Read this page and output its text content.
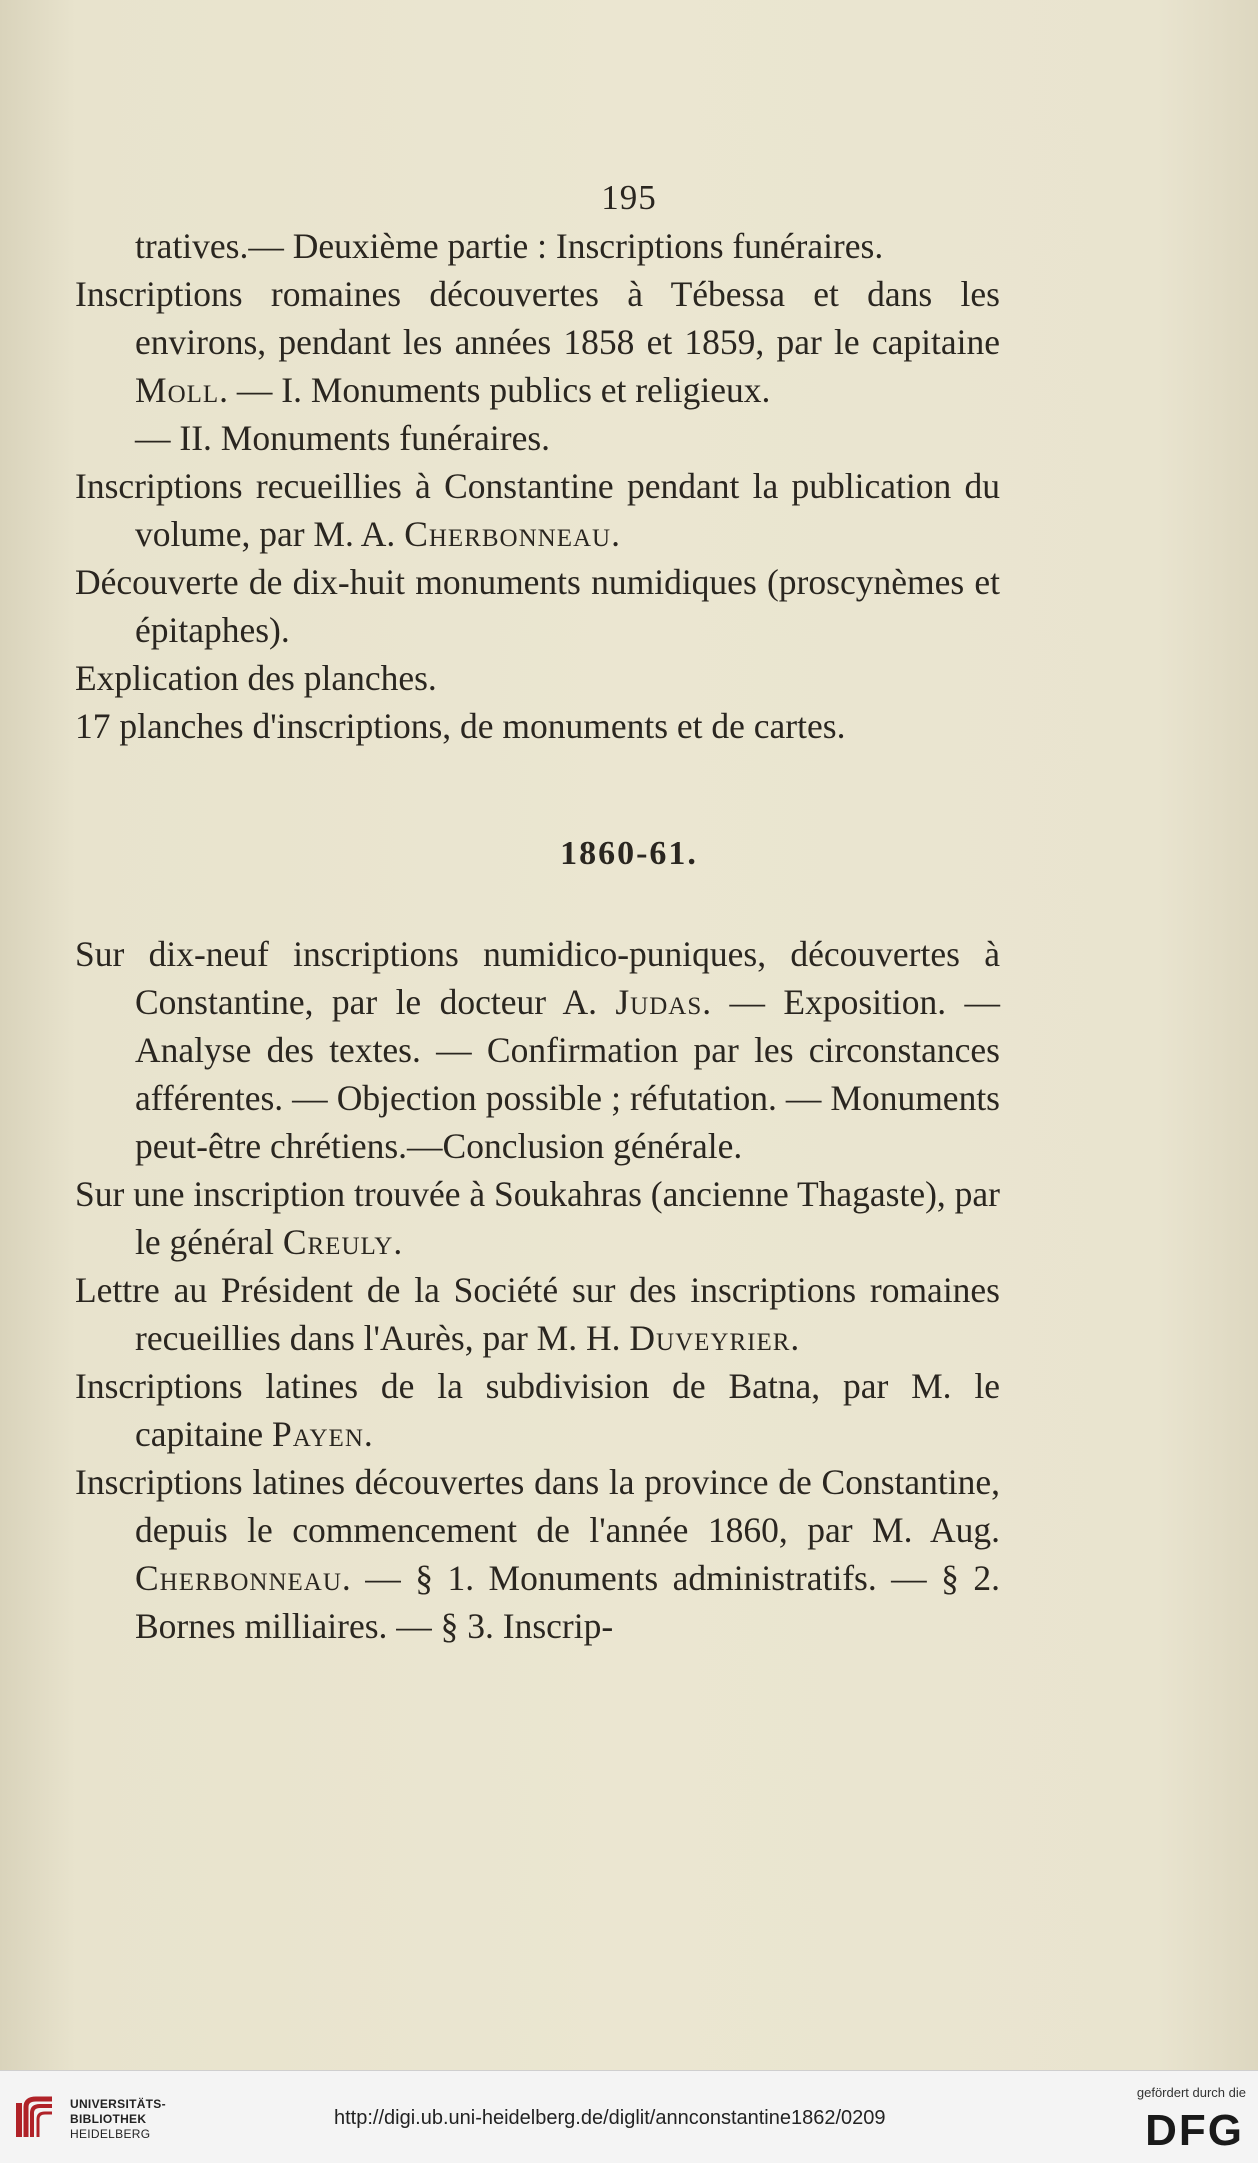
195

tratives.— Deuxième partie : Inscriptions funéraires.

Inscriptions romaines découvertes à Tébessa et dans les environs, pendant les années 1858 et 1859, par le capitaine Moll. — I. Monuments publics et religieux.

— II. Monuments funéraires.

Inscriptions recueillies à Constantine pendant la publication du volume, par M. A. Cherbonneau.

Découverte de dix-huit monuments numidiques (proscynèmes et épitaphes).

Explication des planches.

17 planches d'inscriptions, de monuments et de cartes.

1860-61.

Sur dix-neuf inscriptions numidico-puniques, découvertes à Constantine, par le docteur A. Judas. — Exposition. — Analyse des textes. — Confirmation par les circonstances afférentes. — Objection possible ; réfutation. — Monuments peut-être chrétiens.—Conclusion générale.

Sur une inscription trouvée à Soukahras (ancienne Thagaste), par le général Creuly.

Lettre au Président de la Société sur des inscriptions romaines recueillies dans l'Aurès, par M. H. Duveyrier.

Inscriptions latines de la subdivision de Batna, par M. le capitaine Payen.

Inscriptions latines découvertes dans la province de Constantine, depuis le commencement de l'année 1860, par M. Aug. Cherbonneau. — § 1. Monuments administratifs. — § 2. Bornes milliaires. — § 3. Inscrip-

UNIVERSITÄTS-
BIBLIOTHEK
HEIDELBERG
http://digi.ub.uni-heidelberg.de/diglit/annconstantine1862/0209
gefördert durch die
DFG
